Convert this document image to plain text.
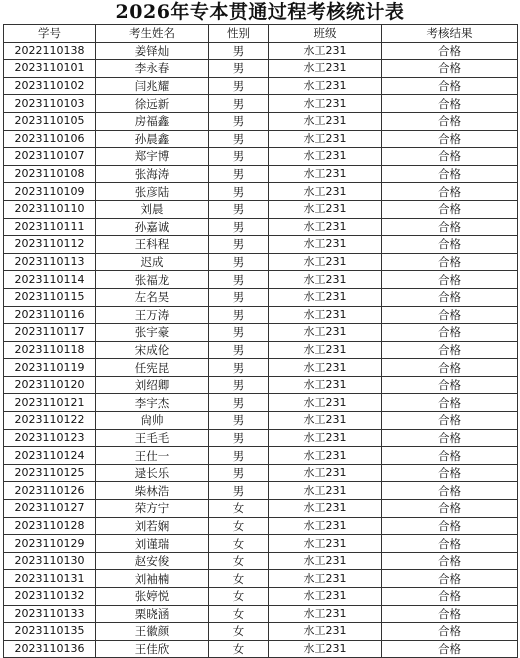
2026年专本贯通过程考核统计表
学号	考生姓名	性别	班级	考核结果
2022110138	姜铎灿	男	水工231	合格
2023110101	李永春	男	水工231	合格
2023110102	闫兆耀	男	水工231	合格
2023110103	徐远新	男	水工231	合格
2023110105	房福鑫	男	水工231	合格
2023110106	孙晨鑫	男	水工231	合格
2023110107	郑宇博	男	水工231	合格
2023110108	张海涛	男	水工231	合格
2023110109	张彦陆	男	水工231	合格
2023110110	刘晨	男	水工231	合格
2023110111	孙嘉诚	男	水工231	合格
2023110112	王科程	男	水工231	合格
2023110113	迟成	男	水工231	合格
2023110114	张福龙	男	水工231	合格
2023110115	左名昊	男	水工231	合格
2023110116	王万涛	男	水工231	合格
2023110117	张宇豪	男	水工231	合格
2023110118	宋成伦	男	水工231	合格
2023110119	任宪昆	男	水工231	合格
2023110120	刘绍卿	男	水工231	合格
2023110121	李宇杰	男	水工231	合格
2023110122	尙帅	男	水工231	合格
2023110123	王毛毛	男	水工231	合格
2023110124	王仕一	男	水工231	合格
2023110125	逯长乐	男	水工231	合格
2023110126	柴林浩	男	水工231	合格
2023110127	荣方宁	女	水工231	合格
2023110128	刘若娴	女	水工231	合格
2023110129	刘谨瑞	女	水工231	合格
2023110130	赵安俊	女	水工231	合格
2023110131	刘袖楠	女	水工231	合格
2023110132	张婷悦	女	水工231	合格
2023110133	栗晓涵	女	水工231	合格
2023110135	王徽颜	女	水工231	合格
2023110136	王佳欣	女	水工231	合格
